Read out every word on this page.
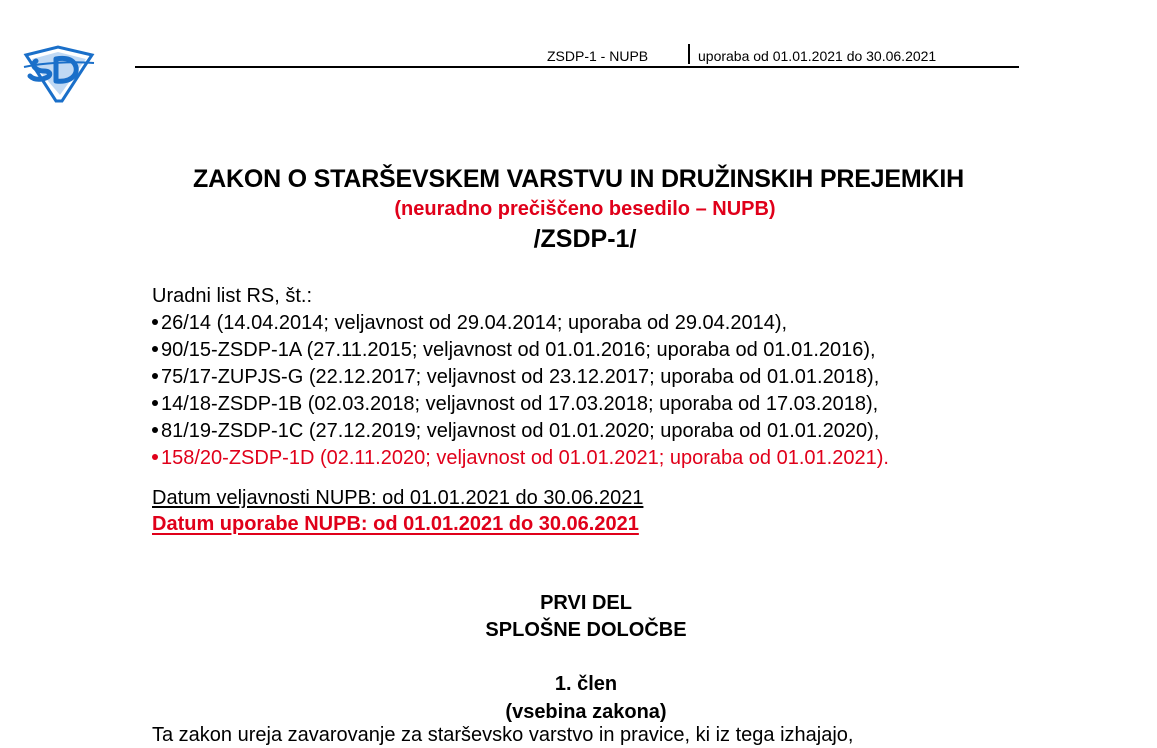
ZSDP-1 - NUPB	uporaba od 01.01.2021 do 30.06.2021
ZAKON O STARŠEVSKEM VARSTVU IN DRUŽINSKIH PREJEMKIH
(neuradno prečiščeno besedilo – NUPB)
/ZSDP-1/
Uradni list RS, št.:
26/14 (14.04.2014; veljavnost od 29.04.2014; uporaba od 29.04.2014),
90/15-ZSDP-1A (27.11.2015; veljavnost od 01.01.2016; uporaba od 01.01.2016),
75/17-ZUPJS-G (22.12.2017; veljavnost od 23.12.2017; uporaba od 01.01.2018),
14/18-ZSDP-1B (02.03.2018; veljavnost od 17.03.2018; uporaba od 17.03.2018),
81/19-ZSDP-1C (27.12.2019; veljavnost od 01.01.2020; uporaba od 01.01.2020),
158/20-ZSDP-1D (02.11.2020; veljavnost od 01.01.2021; uporaba od 01.01.2021).
Datum veljavnosti NUPB: od 01.01.2021 do 30.06.2021
Datum uporabe NUPB: od 01.01.2021 do 30.06.2021
PRVI DEL
SPLOŠNE DOLOČBE
1. člen
(vsebina zakona)
Ta zakon ureja zavarovanje za starševsko varstvo in pravice, ki iz tega izhajajo,
